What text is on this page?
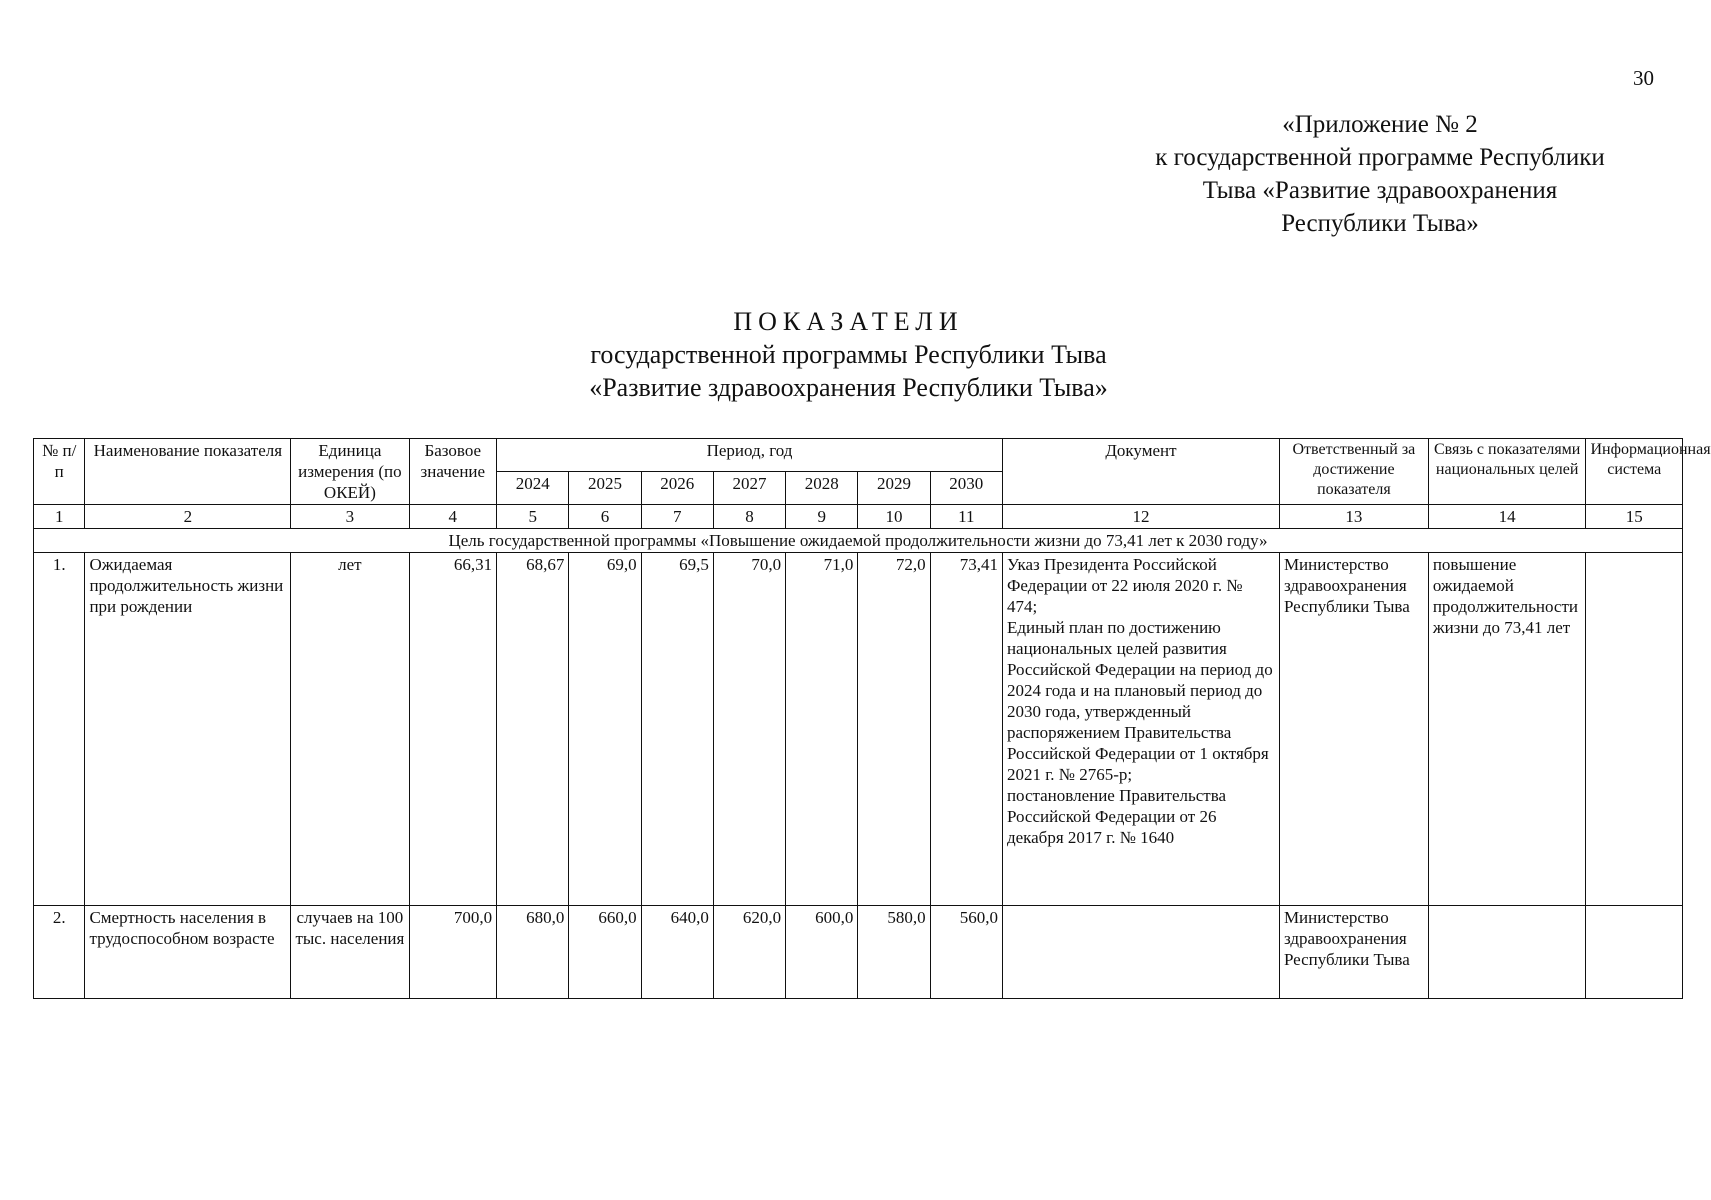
30
«Приложение № 2
к государственной программе Республики
Тыва «Развитие здравоохранения
Республики Тыва»
ПОКАЗАТЕЛИ
государственной программы Республики Тыва
«Развитие здравоохранения Республики Тыва»
№ п/п	Наименование показателя	Единица измерения (по ОКЕЙ)	Базовое значение	Период, год							Документ	Ответственный за достижение показателя	Связь с показателями национальных целей	Информационная система
				2024	2025	2026	2027	2028	2029	2030				
1	2	3	4	5	6	7	8	9	10	11	12	13	14	15
Цель государственной программы «Повышение ожидаемой продолжительности жизни до 73,41 лет к 2030 году»														
1.	Ожидаемая продолжительность жизни при рождении	лет	66,31	68,67	69,0	69,5	70,0	71,0	72,0	73,41	Указ Президента Российской Федерации от 22 июля 2020 г. № 474;
Единый план по достижению национальных целей развития Российской Федерации на период до 2024 года и на плановый период до 2030 года, утвержденный распоряжением Правительства Российской Федерации от 1 октября 2021 г. № 2765-р;
постановление Правительства Российской Федерации от 26 декабря 2017 г. № 1640	Министерство здравоохранения Республики Тыва	повышение ожидаемой продолжительности жизни до 73,41 лет	
2.	Смертность населения в трудоспособном возрасте	случаев на 100 тыс. населения	700,0	680,0	660,0	640,0	620,0	600,0	580,0	560,0		Министерство здравоохранения Республики Тыва		
